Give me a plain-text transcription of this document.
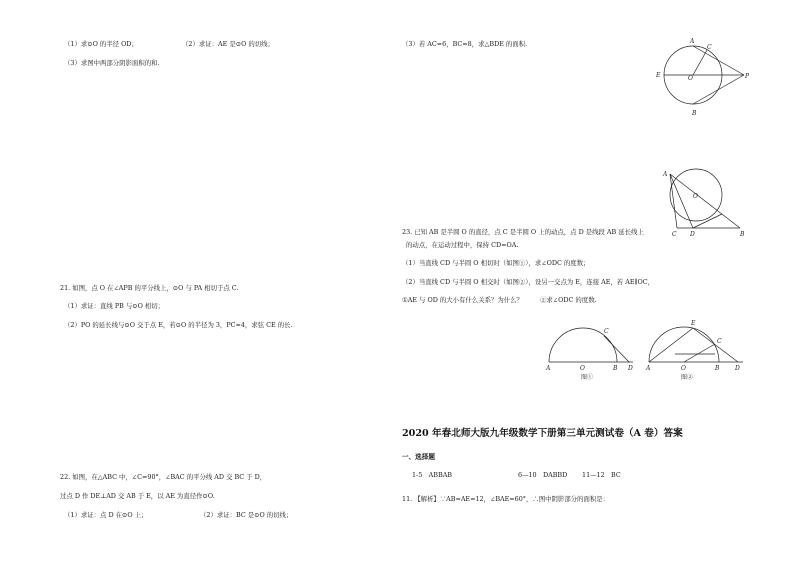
（1）求⊙O 的半径 OD；	（2）求证：AE 是⊙O 的切线；
（3）求图中两部分阴影面积的和.
21. 如图，点 O 在∠APB 的平分线上，⊙O 与 PA 相切于点 C.
（1）求证：直线 PB 与⊙O 相切；
（2）PO 的延长线与⊙O 交于点 E，若⊙O 的半径为 3，PC=4，求弦 CE 的长.
22. 如图，在△ABC 中，∠C=90°，∠BAC 的平分线 AD 交 BC 于 D，
过点 D 作 DE⊥AD 交 AB 于 E，以 AE 为直径作⊙O.
（1）求证：点 D 在⊙O 上；	（2）求证：BC 是⊙O 的切线；
（3）若 AC=6，BC=8，求△BDE 的面积.	A
C
E	O	P
B
A
O
C D	B
23. 已知 AB 是半圆 O 的直径，点 C 是半圆 O 上的动点，点 D 是线段 AB 延长线上
的动点，在运动过程中，保持 CD=OA.
（1）当直线 CD 与半圆 O 相切时（如图①），求∠ODC 的度数；
（2）当直线 CD 与半圆 O 相交时（如图②），设另一交点为 E，连接 AE，若 AE∥OC，
①AE 与 OD 的大小有什么关系？为什么？	②求∠ODC 的度数.
A	O	B D
C
图①
A	O	B	D
E
C
图②
2020 年春北师大版九年级数学下册第三单元测试卷（A 卷）答案
一、选择题
1-5　ABBAB	6—10　DABBD 11—12　BC
11. 【解析】∵AB=AE=12，∠BAE=60°，∴图中阴影部分的面积是：
